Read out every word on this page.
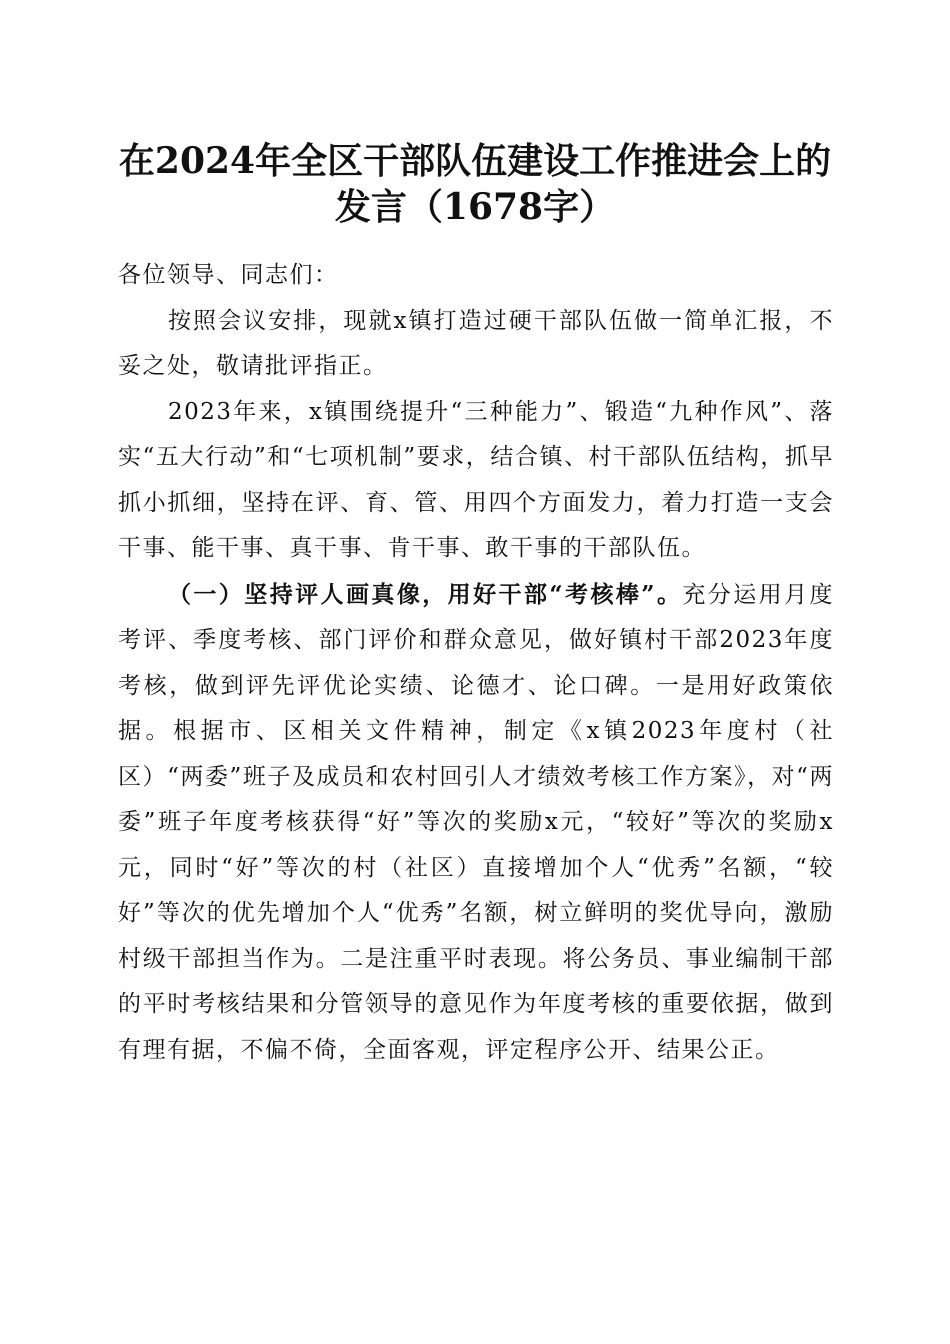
在2024年全区干部队伍建设工作推进会上的
发言（1678字）

各位领导、同志们：

按照会议安排，现就x镇打造过硬干部队伍做一简单汇报，不妥之处，敬请批评指正。

2023年来，x镇围绕提升“三种能力”、锻造“九种作风”、落实“五大行动”和“七项机制”要求，结合镇、村干部队伍结构，抓早抓小抓细，坚持在评、育、管、用四个方面发力，着力打造一支会干事、能干事、真干事、肯干事、敢干事的干部队伍。

（一）坚持评人画真像，用好干部“考核棒”。充分运用月度考评、季度考核、部门评价和群众意见，做好镇村干部2023年度考核，做到评先评优论实绩、论德才、论口碑。一是用好政策依据。根据市、区相关文件精神，制定《x镇2023年度村（社区）“两委”班子及成员和农村回引人才绩效考核工作方案》，对“两委”班子年度考核获得“好”等次的奖励x元，“较好”等次的奖励x元，同时“好”等次的村（社区）直接增加个人“优秀”名额，“较好”等次的优先增加个人“优秀”名额，树立鲜明的奖优导向，激励村级干部担当作为。二是注重平时表现。将公务员、事业编制干部的平时考核结果和分管领导的意见作为年度考核的重要依据，做到有理有据，不偏不倚，全面客观，评定程序公开、结果公正。
